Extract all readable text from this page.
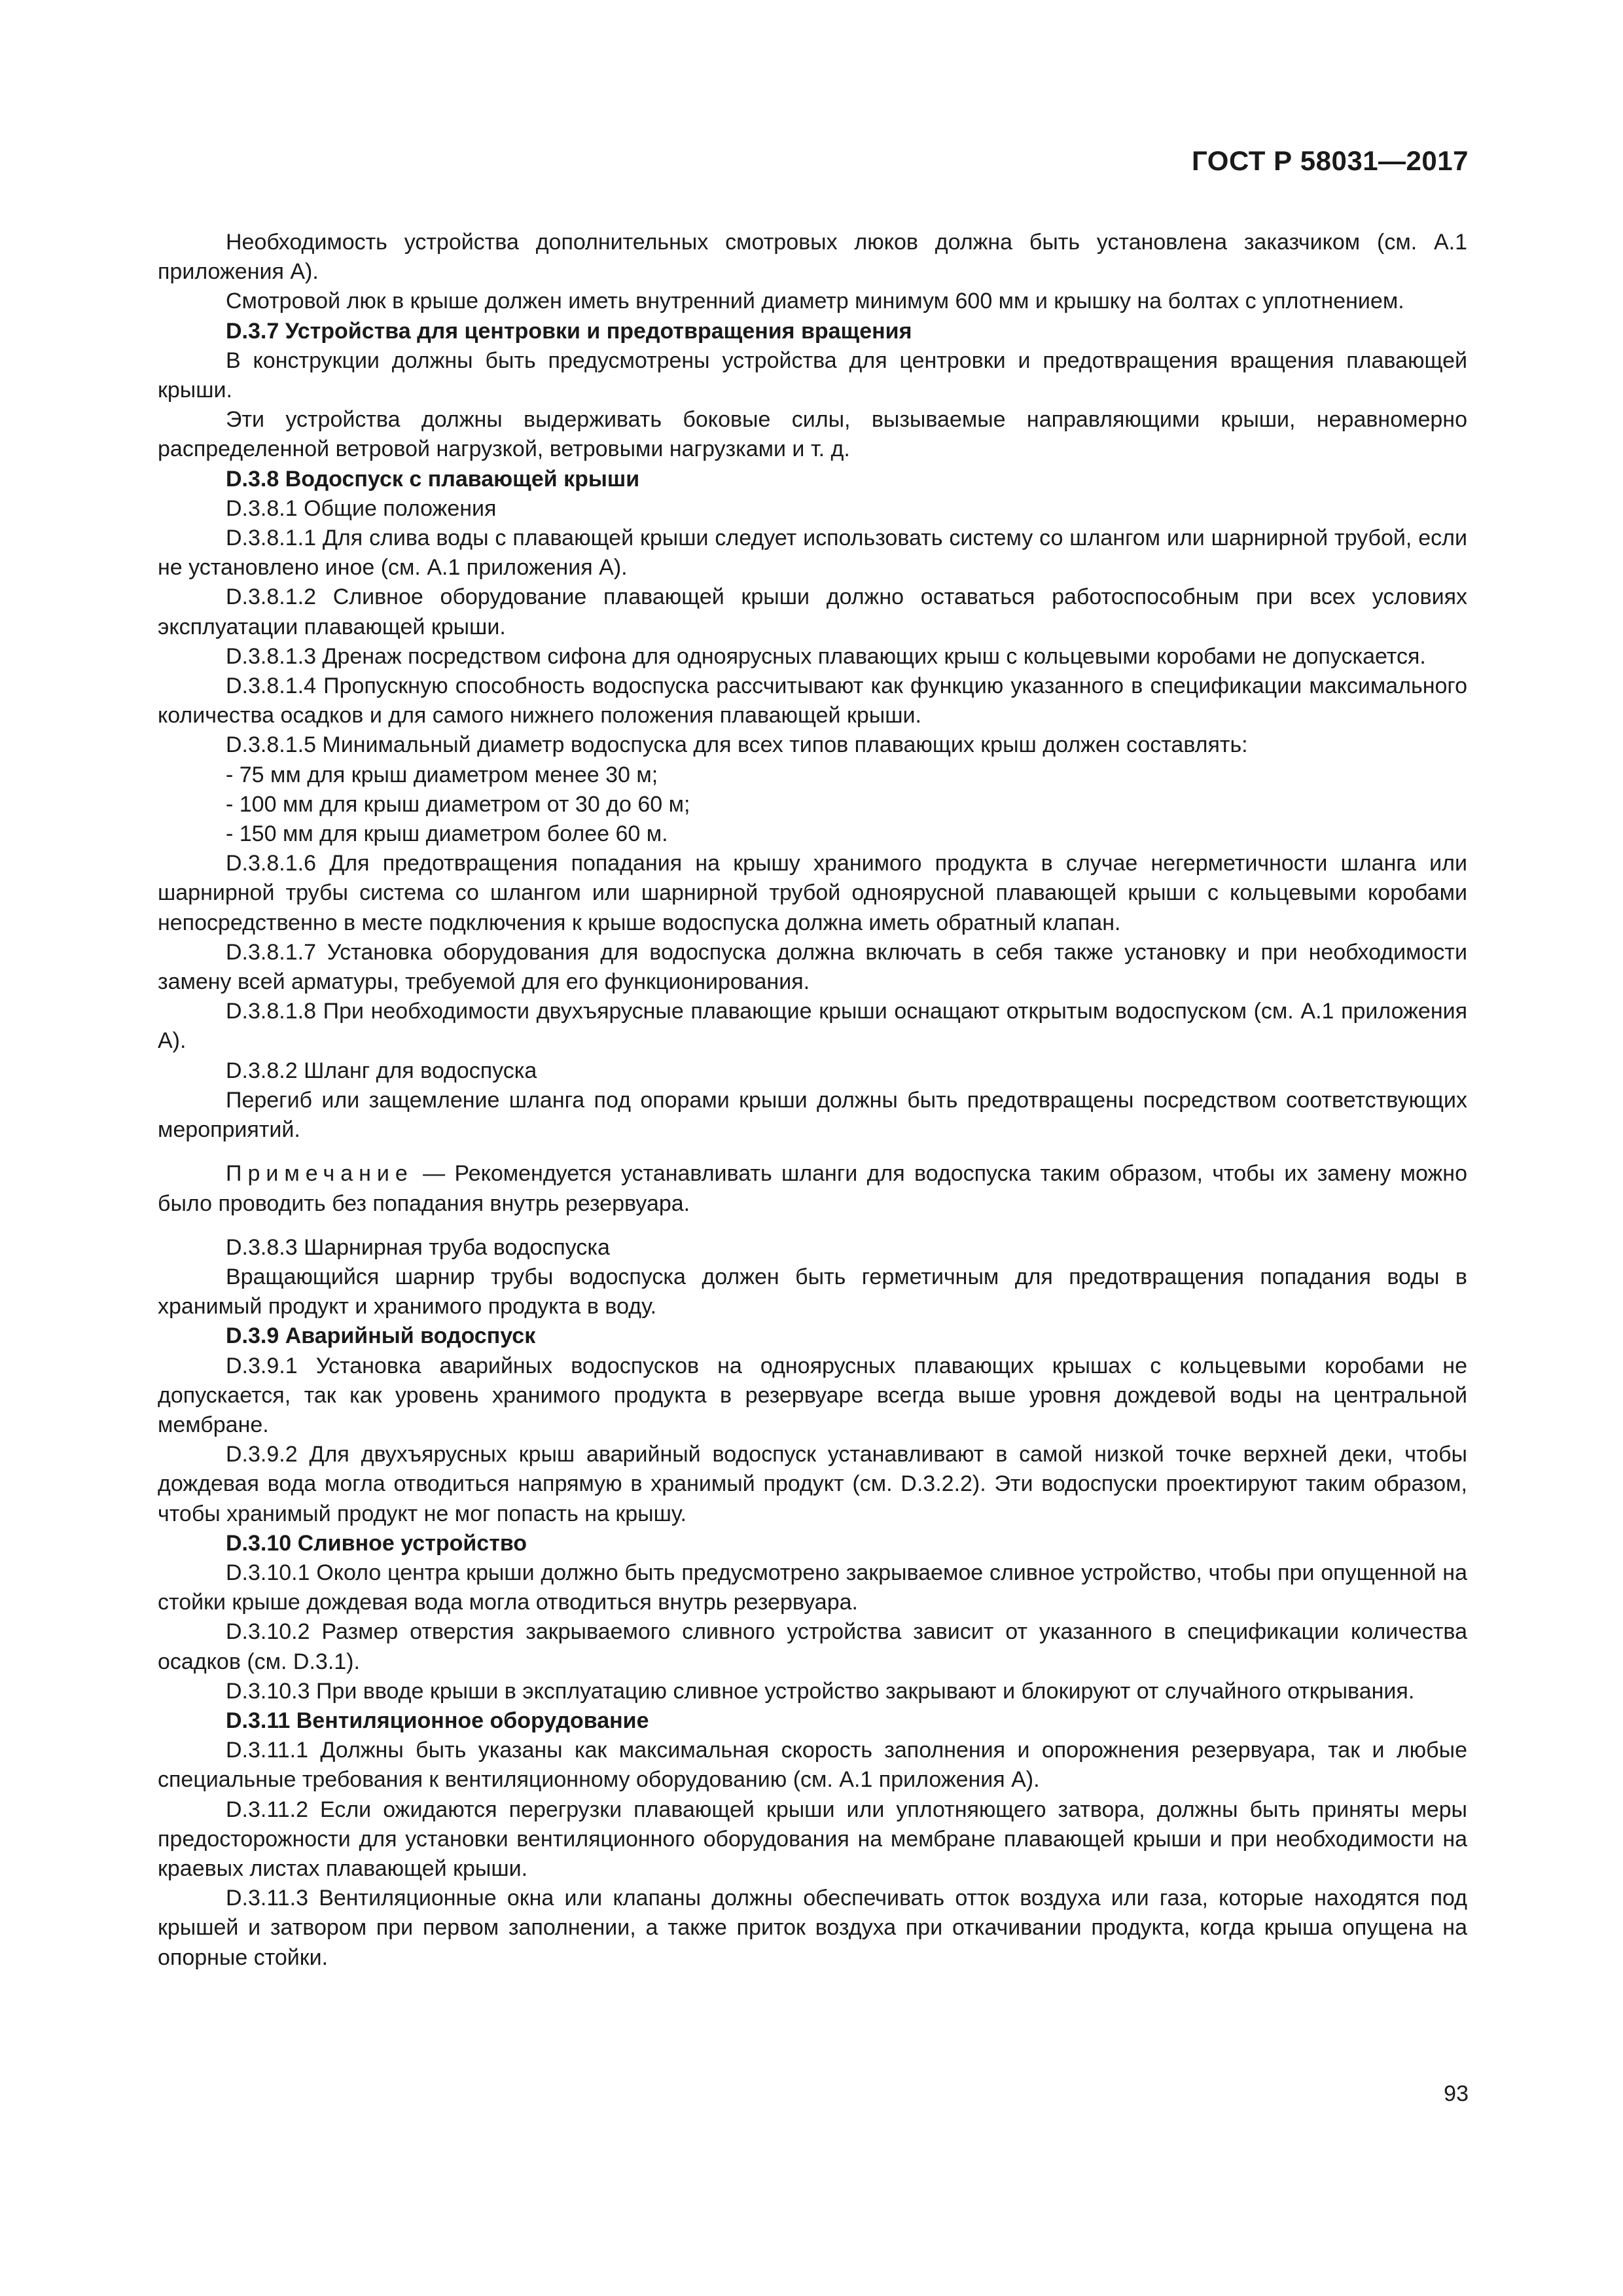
ГОСТ Р 58031—2017

Необходимость устройства дополнительных смотровых люков должна быть установлена заказчиком (см. А.1 приложения А).

Смотровой люк в крыше должен иметь внутренний диаметр минимум 600 мм и крышку на болтах с уплотнением.

D.3.7 Устройства для центровки и предотвращения вращения

В конструкции должны быть предусмотрены устройства для центровки и предотвращения вращения плавающей крыши.

Эти устройства должны выдерживать боковые силы, вызываемые направляющими крыши, неравномерно распределенной ветровой нагрузкой, ветровыми нагрузками и т. д.

D.3.8 Водоспуск с плавающей крыши

D.3.8.1 Общие положения

D.3.8.1.1 Для слива воды с плавающей крыши следует использовать систему со шлангом или шарнирной трубой, если не установлено иное (см. А.1 приложения А).

D.3.8.1.2 Сливное оборудование плавающей крыши должно оставаться работоспособным при всех условиях эксплуатации плавающей крыши.

D.3.8.1.3 Дренаж посредством сифона для одноярусных плавающих крыш с кольцевыми коробами не допускается.

D.3.8.1.4 Пропускную способность водоспуска рассчитывают как функцию указанного в спецификации максимального количества осадков и для самого нижнего положения плавающей крыши.

D.3.8.1.5 Минимальный диаметр водоспуска для всех типов плавающих крыш должен составлять:

- 75 мм для крыш диаметром менее 30 м;

- 100 мм для крыш диаметром от 30 до 60 м;

- 150 мм для крыш диаметром более 60 м.

D.3.8.1.6 Для предотвращения попадания на крышу хранимого продукта в случае негерметичности шланга или шарнирной трубы система со шлангом или шарнирной трубой одноярусной плавающей крыши с кольцевыми коробами непосредственно в месте подключения к крыше водоспуска должна иметь обратный клапан.

D.3.8.1.7 Установка оборудования для водоспуска должна включать в себя также установку и при необходимости замену всей арматуры, требуемой для его функционирования.

D.3.8.1.8 При необходимости двухъярусные плавающие крыши оснащают открытым водоспуском (см. А.1 приложения А).

D.3.8.2 Шланг для водоспуска

Перегиб или защемление шланга под опорами крыши должны быть предотвращены посредством соответствующих мероприятий.

Примечание — Рекомендуется устанавливать шланги для водоспуска таким образом, чтобы их замену можно было проводить без попадания внутрь резервуара.

D.3.8.3 Шарнирная труба водоспуска

Вращающийся шарнир трубы водоспуска должен быть герметичным для предотвращения попадания воды в хранимый продукт и хранимого продукта в воду.

D.3.9 Аварийный водоспуск

D.3.9.1 Установка аварийных водоспусков на одноярусных плавающих крышах с кольцевыми коробами не допускается, так как уровень хранимого продукта в резервуаре всегда выше уровня дождевой воды на центральной мембране.

D.3.9.2 Для двухъярусных крыш аварийный водоспуск устанавливают в самой низкой точке верхней деки, чтобы дождевая вода могла отводиться напрямую в хранимый продукт (см. D.3.2.2). Эти водоспуски проектируют таким образом, чтобы хранимый продукт не мог попасть на крышу.

D.3.10 Сливное устройство

D.3.10.1 Около центра крыши должно быть предусмотрено закрываемое сливное устройство, чтобы при опущенной на стойки крыше дождевая вода могла отводиться внутрь резервуара.

D.3.10.2 Размер отверстия закрываемого сливного устройства зависит от указанного в спецификации количества осадков (см. D.3.1).

D.3.10.3 При вводе крыши в эксплуатацию сливное устройство закрывают и блокируют от случайного открывания.

D.3.11 Вентиляционное оборудование

D.3.11.1 Должны быть указаны как максимальная скорость заполнения и опорожнения резервуара, так и любые специальные требования к вентиляционному оборудованию (см. А.1 приложения А).

D.3.11.2 Если ожидаются перегрузки плавающей крыши или уплотняющего затвора, должны быть приняты меры предосторожности для установки вентиляционного оборудования на мембране плавающей крыши и при необходимости на краевых листах плавающей крыши.

D.3.11.3 Вентиляционные окна или клапаны должны обеспечивать отток воздуха или газа, которые находятся под крышей и затвором при первом заполнении, а также приток воздуха при откачивании продукта, когда крыша опущена на опорные стойки.

93
